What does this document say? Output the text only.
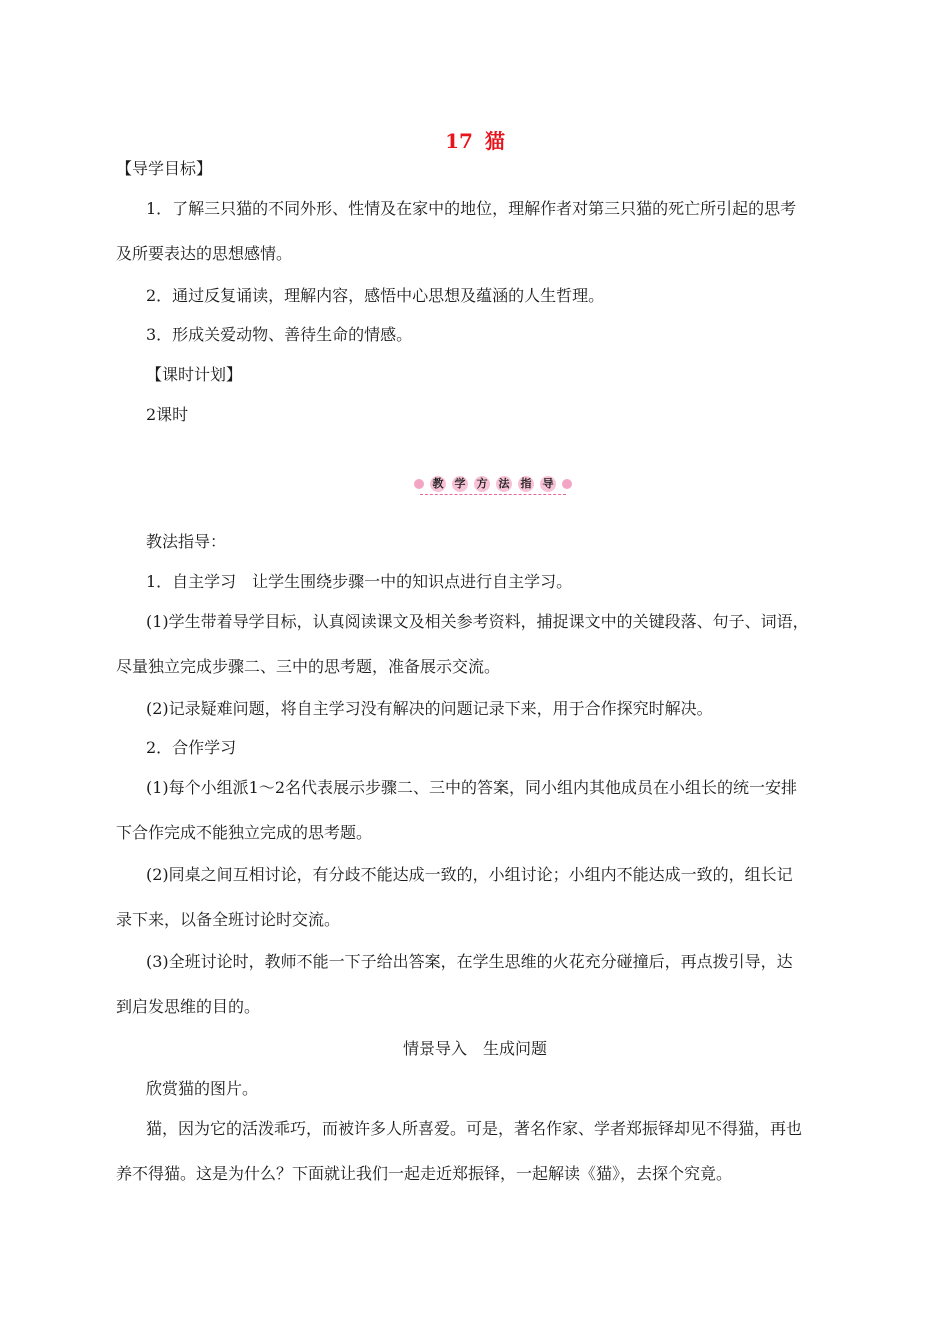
17 猫
【导学目标】
1．了解三只猫的不同外形、性情及在家中的地位，理解作者对第三只猫的死亡所引起的思考
及所要表达的思想感情。
2．通过反复诵读，理解内容，感悟中心思想及蕴涵的人生哲理。
3．形成关爱动物、善待生命的情感。
【课时计划】
2课时
教 学 方 法 指 导
教法指导：
1．自主学习　让学生围绕步骤一中的知识点进行自主学习。
(1)学生带着导学目标，认真阅读课文及相关参考资料，捕捉课文中的关键段落、句子、词语，
尽量独立完成步骤二、三中的思考题，准备展示交流。
(2)记录疑难问题，将自主学习没有解决的问题记录下来，用于合作探究时解决。
2．合作学习
(1)每个小组派1～2名代表展示步骤二、三中的答案，同小组内其他成员在小组长的统一安排
下合作完成不能独立完成的思考题。
(2)同桌之间互相讨论，有分歧不能达成一致的，小组讨论；小组内不能达成一致的，组长记
录下来，以备全班讨论时交流。
(3)全班讨论时，教师不能一下子给出答案，在学生思维的火花充分碰撞后，再点拨引导，达
到启发思维的目的。
情景导入　生成问题
欣赏猫的图片。
猫，因为它的活泼乖巧，而被许多人所喜爱。可是，著名作家、学者郑振铎却见不得猫，再也
养不得猫。这是为什么？下面就让我们一起走近郑振铎，一起解读《猫》，去探个究竟。
